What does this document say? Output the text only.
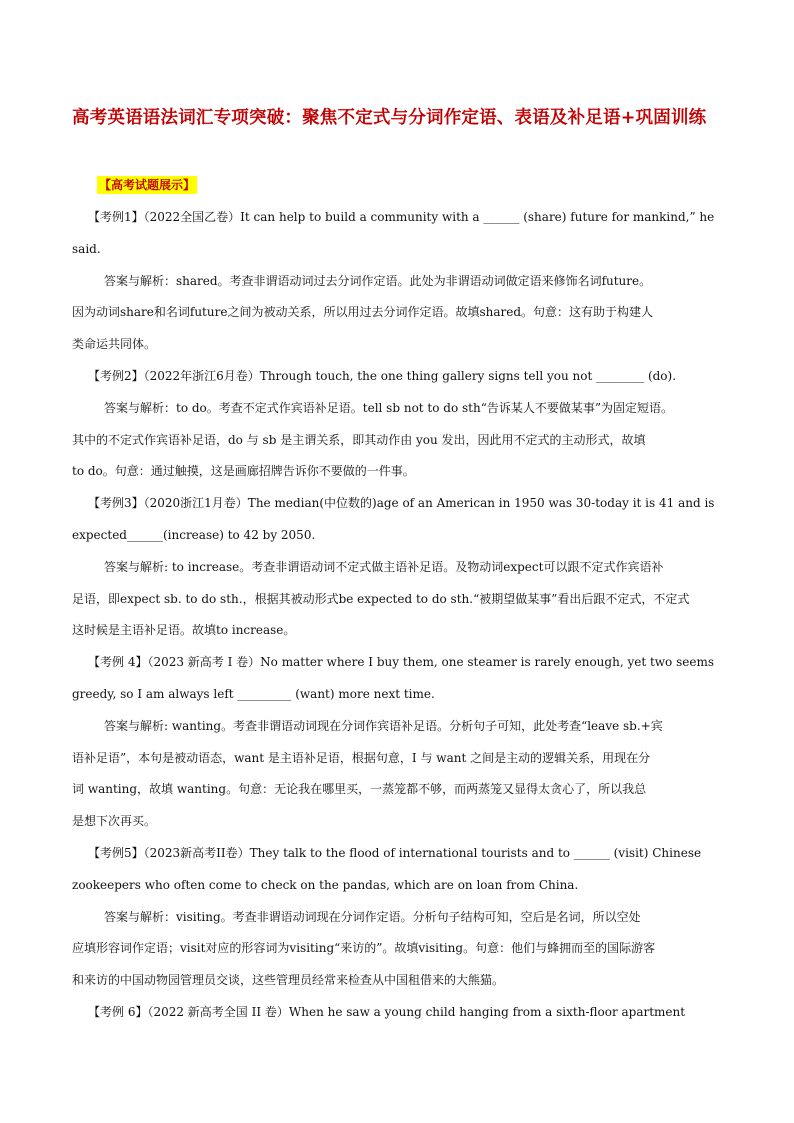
高考英语语法词汇专项突破：聚焦不定式与分词作定语、表语及补足语+巩固训练
【高考试题展示】

【考例1】（2022全国乙卷）It can help to build a community with a ______ (share) future for mankind,” he

said.

答案与解析：shared。考查非谓语动词过去分词作定语。此处为非谓语动词做定语来修饰名词future。

因为动词share和名词future之间为被动关系，所以用过去分词作定语。故填shared。句意：这有助于构建人

类命运共同体。

【考例2】（2022年浙江6月卷）Through touch, the one thing gallery signs tell you not ________ (do).

答案与解析：to do。考查不定式作宾语补足语。tell sb not to do sth“告诉某人不要做某事”为固定短语。

其中的不定式作宾语补足语，do 与 sb 是主谓关系，即其动作由 you 发出，因此用不定式的主动形式，故填

to do。句意：通过触摸，这是画廊招牌告诉你不要做的一件事。

【考例3】（2020浙江1月卷）The median(中位数的)age of an American in 1950 was 30-today it is 41 and is

expected______(increase) to 42 by 2050.

答案与解析: to increase。考查非谓语动词不定式做主语补足语。及物动词expect可以跟不定式作宾语补

足语，即expect sb. to do sth.，根据其被动形式be expected to do sth.“被期望做某事”看出后跟不定式，不定式

这时候是主语补足语。故填to increase。

【考例 4】（2023 新高考 I 卷）No matter where I buy them, one steamer is rarely enough, yet two seems

greedy, so I am always left _________ (want) more next time.

答案与解析: wanting。考查非谓语动词现在分词作宾语补足语。分析句子可知，此处考查“leave sb.+宾

语补足语”，本句是被动语态，want 是主语补足语，根据句意，I 与 want 之间是主动的逻辑关系，用现在分

词 wanting，故填 wanting。句意：无论我在哪里买，一蒸笼都不够，而两蒸笼又显得太贪心了，所以我总

是想下次再买。

【考例5】（2023新高考II卷）They talk to the flood of international tourists and to ______ (visit) Chinese

zookeepers who often come to check on the pandas, which are on loan from China.

答案与解析：visiting。考查非谓语动词现在分词作定语。分析句子结构可知，空后是名词，所以空处

应填形容词作定语；visit对应的形容词为visiting“来访的”。故填visiting。句意：他们与蜂拥而至的国际游客

和来访的中国动物园管理员交谈，这些管理员经常来检查从中国租借来的大熊猫。

【考例 6】（2022 新高考全国 II 卷）When he saw a young child hanging from a sixth-floor apartment
